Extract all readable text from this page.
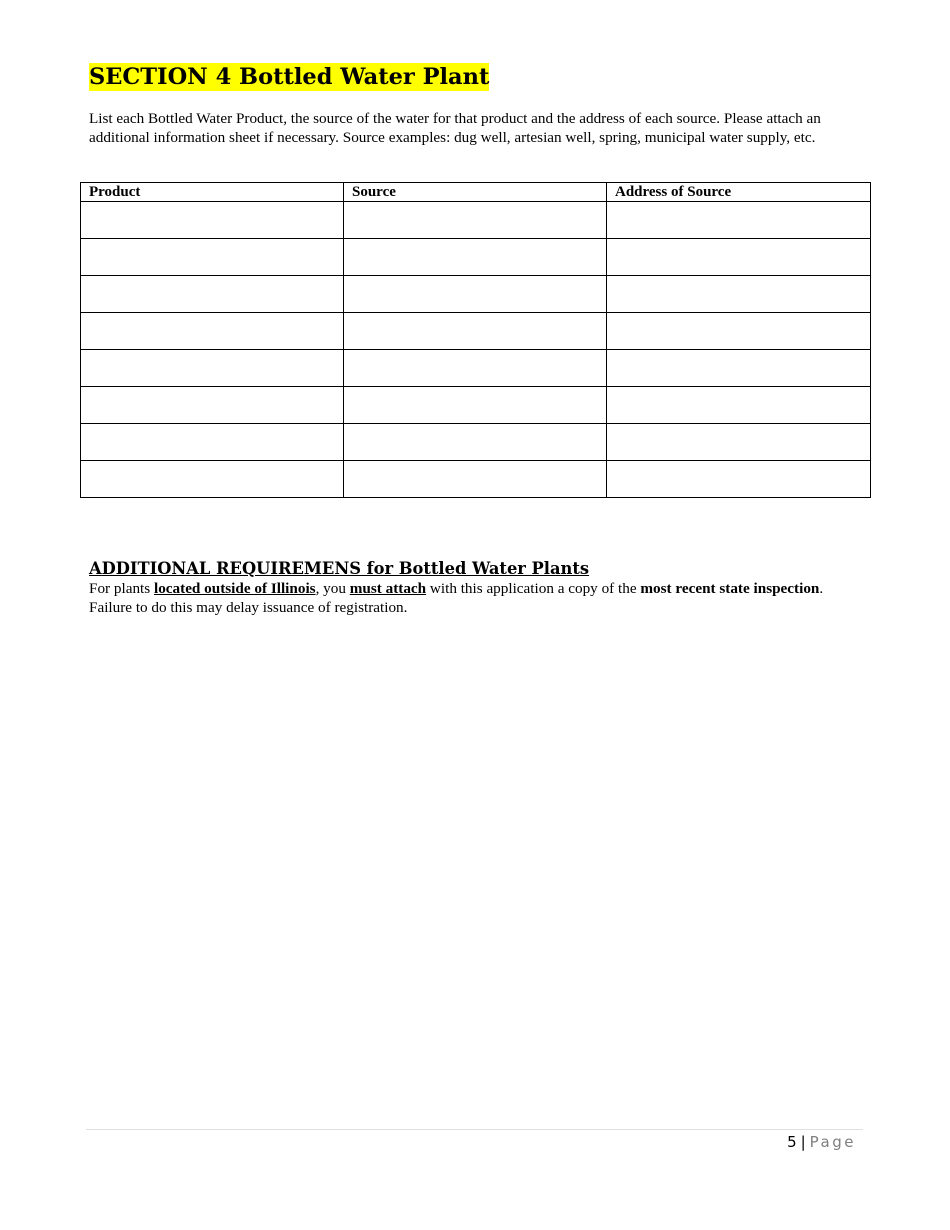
SECTION 4 Bottled Water Plant

List each Bottled Water Product, the source of the water for that product and the address of each source. Please attach an additional information sheet if necessary. Source examples: dug well, artesian well, spring, municipal water supply, etc.

Product	Source	Address of Source

ADDITIONAL REQUIREMENS for Bottled Water Plants

For plants located outside of Illinois, you must attach with this application a copy of the most recent state inspection. Failure to do this may delay issuance of registration.

5 | Page
